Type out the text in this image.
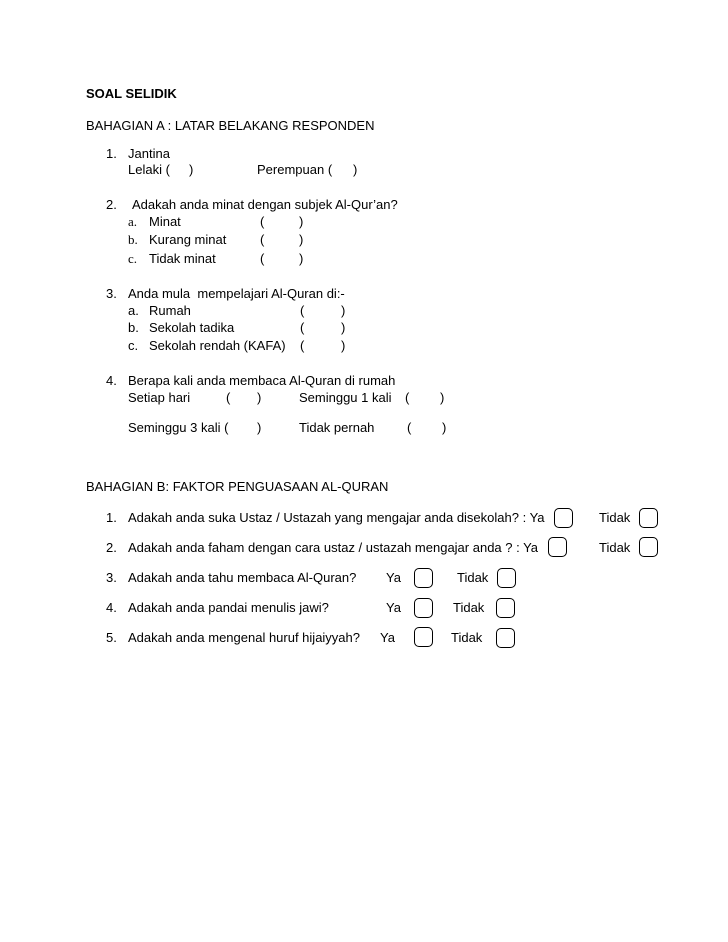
SOAL SELIDIK
BAHAGIAN A : LATAR BELAKANG RESPONDEN
1. Jantina
Lelaki ( )	Perempuan ( )
2. Adakah anda minat dengan subjek Al-Qur’an?
a. Minat	(	)
b. Kurang minat	(	)
c. Tidak minat	(	)
3. Anda mula  mempelajari Al-Quran di:-
a. Rumah	(	)
b. Sekolah tadika	(	)
c. Sekolah rendah (KAFA) (	)
4. Berapa kali anda membaca Al-Quran di rumah
Setiap hari	( )	Seminggu 1 kali ( )
Seminggu 3 kali ( )	Tidak pernah	( )
BAHAGIAN B: FAKTOR PENGUASAAN AL-QURAN
1. Adakah anda suka Ustaz / Ustazah yang mengajar anda disekolah? : Ya	Tidak
2. Adakah anda faham dengan cara ustaz / ustazah mengajar anda ? : Ya	Tidak
3. Adakah anda tahu membaca Al-Quran? Ya	Tidak
4. Adakah anda pandai menulis jawi?	Ya	Tidak
5. Adakah anda mengenal huruf hijaiyyah? Ya	Tidak
